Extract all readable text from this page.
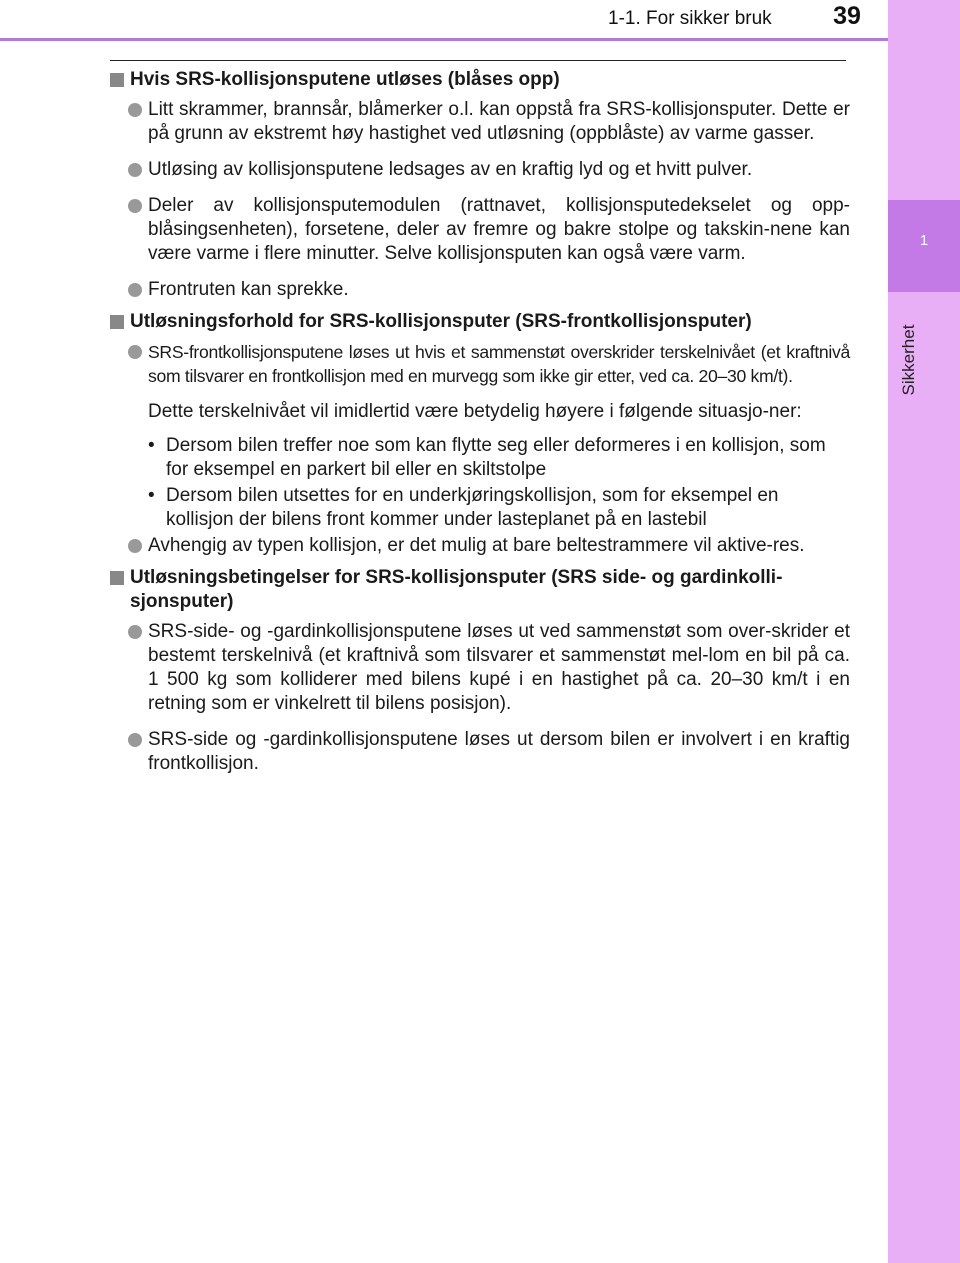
1-1. For sikker bruk	39
1
Sikkerhet
Hvis SRS-kollisjonsputene utløses (blåses opp)
Litt skrammer, brannsår, blåmerker o.l. kan oppstå fra SRS-kollisjonsputer. Dette er på grunn av ekstremt høy hastighet ved utløsning (oppblåste) av varme gasser.
Utløsing av kollisjonsputene ledsages av en kraftig lyd og et hvitt pulver.
Deler av kollisjonsputemodulen (rattnavet, kollisjonsputedekselet og opp-blåsingsenheten), forsetene, deler av fremre og bakre stolpe og takskin-nene kan være varme i flere minutter. Selve kollisjonsputen kan også være varm.
Frontruten kan sprekke.
Utløsningsforhold for SRS-kollisjonsputer (SRS-frontkollisjonsputer)
SRS-frontkollisjonsputene løses ut hvis et sammenstøt overskrider terskelnivået (et kraftnivå som tilsvarer en frontkollisjon med en murvegg som ikke gir etter, ved ca. 20–30 km/t).
Dette terskelnivået vil imidlertid være betydelig høyere i følgende situasjo-ner:
• Dersom bilen treffer noe som kan flytte seg eller deformeres i en kollisjon, som for eksempel en parkert bil eller en skiltstolpe
• Dersom bilen utsettes for en underkjøringskollisjon, som for eksempel en kollisjon der bilens front kommer under lasteplanet på en lastebil
Avhengig av typen kollisjon, er det mulig at bare beltestrammere vil aktive-res.
Utløsningsbetingelser for SRS-kollisjonsputer (SRS side- og gardinkolli-sjonsputer)
SRS-side- og -gardinkollisjonsputene løses ut ved sammenstøt som over-skrider et bestemt terskelnivå (et kraftnivå som tilsvarer et sammenstøt mel-lom en bil på ca. 1 500 kg som kolliderer med bilens kupé i en hastighet på ca. 20–30 km/t i en retning som er vinkelrett til bilens posisjon).
SRS-side og -gardinkollisjonsputene løses ut dersom bilen er involvert i en kraftig frontkollisjon.
